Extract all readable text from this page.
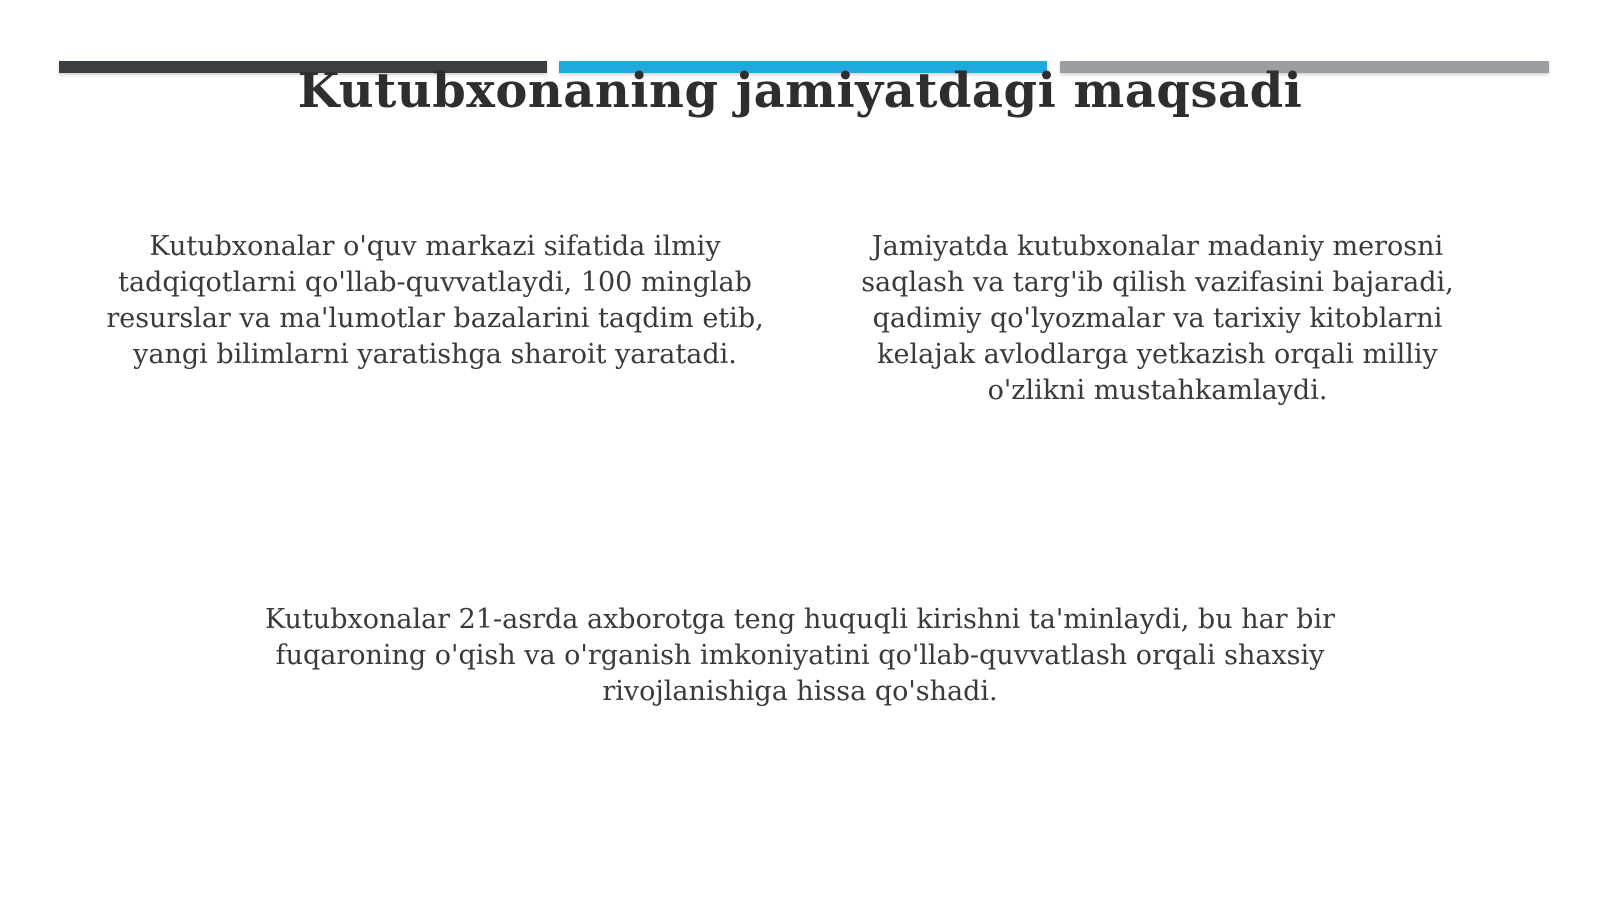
Kutubxonaning jamiyatdagi maqsadi
Kutubxonalar o'quv markazi sifatida ilmiy tadqiqotlarni qo'llab-quvvatlaydi, 100 minglab resurslar va ma'lumotlar bazalarini taqdim etib, yangi bilimlarni yaratishga sharoit yaratadi.
Jamiyatda kutubxonalar madaniy merosni saqlash va targ'ib qilish vazifasini bajaradi, qadimiy qo'lyozmalar va tarixiy kitoblarni kelajak avlodlarga yetkazish orqali milliy o'zlikni mustahkamlaydi.
Kutubxonalar 21-asrda axborotga teng huquqli kirishni ta'minlaydi, bu har bir fuqaroning o'qish va o'rganish imkoniyatini qo'llab-quvvatlash orqali shaxsiy rivojlanishiga hissa qo'shadi.
